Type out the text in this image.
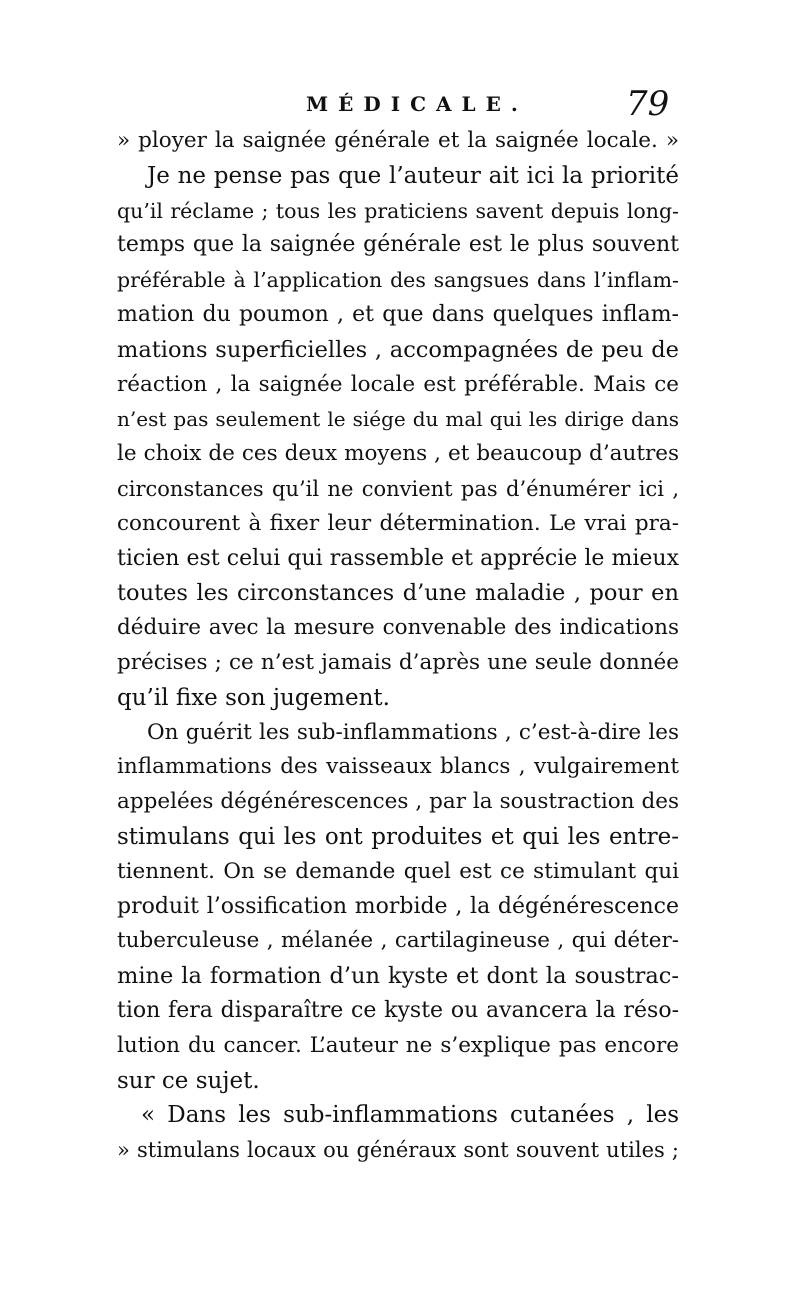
MÉDICALE.	79
» ployer la saignée générale et la saignée locale. »
Je ne pense pas que l’auteur ait ici la priorité
qu’il réclame ; tous les praticiens savent depuis long-
temps que la saignée générale est le plus souvent
préférable à l’application des sangsues dans l’inflam-
mation du poumon , et que dans quelques inflam-
mations superficielles , accompagnées de peu de
réaction , la saignée locale est préférable. Mais ce
n’est pas seulement le siége du mal qui les dirige dans
le choix de ces deux moyens , et beaucoup d’autres
circonstances qu’il ne convient pas d’énumérer ici ,
concourent à fixer leur détermination. Le vrai pra-
ticien est celui qui rassemble et apprécie le mieux
toutes les circonstances d’une maladie , pour en
déduire avec la mesure convenable des indications
précises ; ce n’est jamais d’après une seule donnée
qu’il fixe son jugement.
On guérit les sub-inflammations , c’est-à-dire les
inflammations des vaisseaux blancs , vulgairement
appelées dégénérescences , par la soustraction des
stimulans qui les ont produites et qui les entre-
tiennent. On se demande quel est ce stimulant qui
produit l’ossification morbide , la dégénérescence
tuberculeuse , mélanée , cartilagineuse , qui déter-
mine la formation d’un kyste et dont la soustrac-
tion fera disparaître ce kyste ou avancera la réso-
lution du cancer. L’auteur ne s’explique pas encore
sur ce sujet.
« Dans les sub-inflammations cutanées , les
» stimulans locaux ou généraux sont souvent utiles ;
